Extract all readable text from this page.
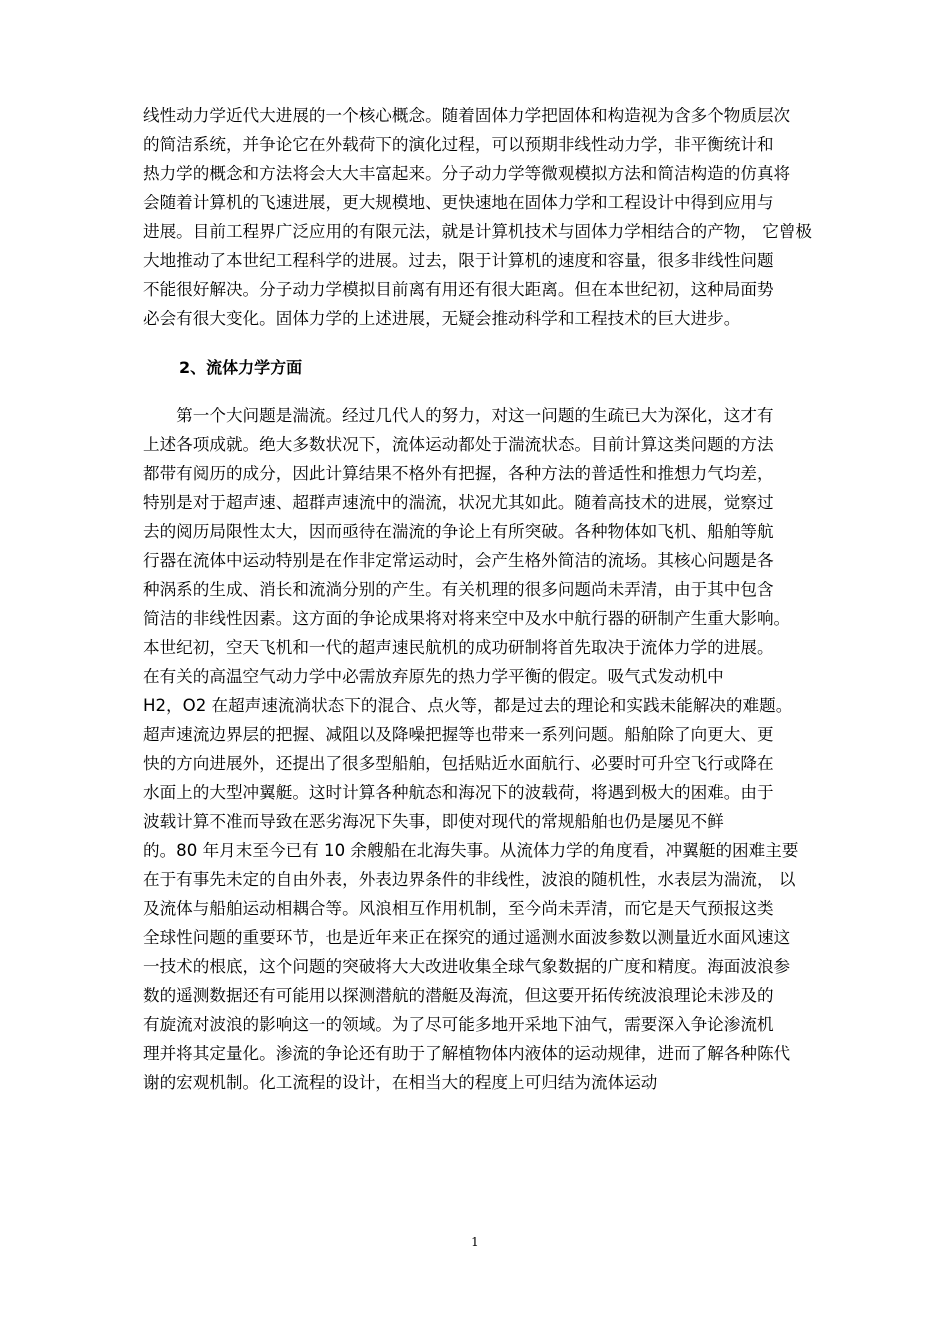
线性动力学近代大进展的一个核心概念。随着固体力学把固体和构造视为含多个物质层次
的简洁系统，并争论它在外载荷下的演化过程，可以预期非线性动力学，非平衡统计和
热力学的概念和方法将会大大丰富起来。分子动力学等微观模拟方法和简洁构造的仿真将
会随着计算机的飞速进展，更大规模地、更快速地在固体力学和工程设计中得到应用与
进展。目前工程界广泛应用的有限元法，就是计算机技术与固体力学相结合的产物， 它曾极
大地推动了本世纪工程科学的进展。过去，限于计算机的速度和容量，很多非线性问题
不能很好解决。分子动力学模拟目前离有用还有很大距离。但在本世纪初，这种局面势
必会有很大变化。固体力学的上述进展，无疑会推动科学和工程技术的巨大进步。
2、流体力学方面
　　第一个大问题是湍流。经过几代人的努力，对这一问题的生疏已大为深化，这才有
上述各项成就。绝大多数状况下，流体运动都处于湍流状态。目前计算这类问题的方法
都带有阅历的成分，因此计算结果不格外有把握，各种方法的普适性和推想力气均差，
特别是对于超声速、超群声速流中的湍流，状况尤其如此。随着高技术的进展，觉察过
去的阅历局限性太大，因而亟待在湍流的争论上有所突破。各种物体如飞机、船舶等航
行器在流体中运动特别是在作非定常运动时，会产生格外简洁的流场。其核心问题是各
种涡系的生成、消长和流淌分别的产生。有关机理的很多问题尚未弄清，由于其中包含
简洁的非线性因素。这方面的争论成果将对将来空中及水中航行器的研制产生重大影响。
本世纪初，空天飞机和一代的超声速民航机的成功研制将首先取决于流体力学的进展。
在有关的高温空气动力学中必需放弃原先的热力学平衡的假定。吸气式发动机中
H2，O2 在超声速流淌状态下的混合、点火等，都是过去的理论和实践未能解决的难题。
超声速流边界层的把握、减阻以及降噪把握等也带来一系列问题。船舶除了向更大、更
快的方向进展外，还提出了很多型船舶，包括贴近水面航行、必要时可升空飞行或降在
水面上的大型冲翼艇。这时计算各种航态和海况下的波载荷，将遇到极大的困难。由于
波载计算不准而导致在恶劣海况下失事，即使对现代的常规船舶也仍是屡见不鲜
的。80 年月末至今已有 10 余艘船在北海失事。从流体力学的角度看，冲翼艇的困难主要
在于有事先未定的自由外表，外表边界条件的非线性，波浪的随机性，水表层为湍流， 以
及流体与船舶运动相耦合等。风浪相互作用机制，至今尚未弄清，而它是天气预报这类
全球性问题的重要环节，也是近年来正在探究的通过遥测水面波参数以测量近水面风速这
一技术的根底，这个问题的突破将大大改进收集全球气象数据的广度和精度。海面波浪参
数的遥测数据还有可能用以探测潜航的潜艇及海流，但这要开拓传统波浪理论未涉及的
有旋流对波浪的影响这一的领域。为了尽可能多地开采地下油气，需要深入争论渗流机
理并将其定量化。渗流的争论还有助于了解植物体内液体的运动规律，进而了解各种陈代
谢的宏观机制。化工流程的设计，在相当大的程度上可归结为流体运动
1
